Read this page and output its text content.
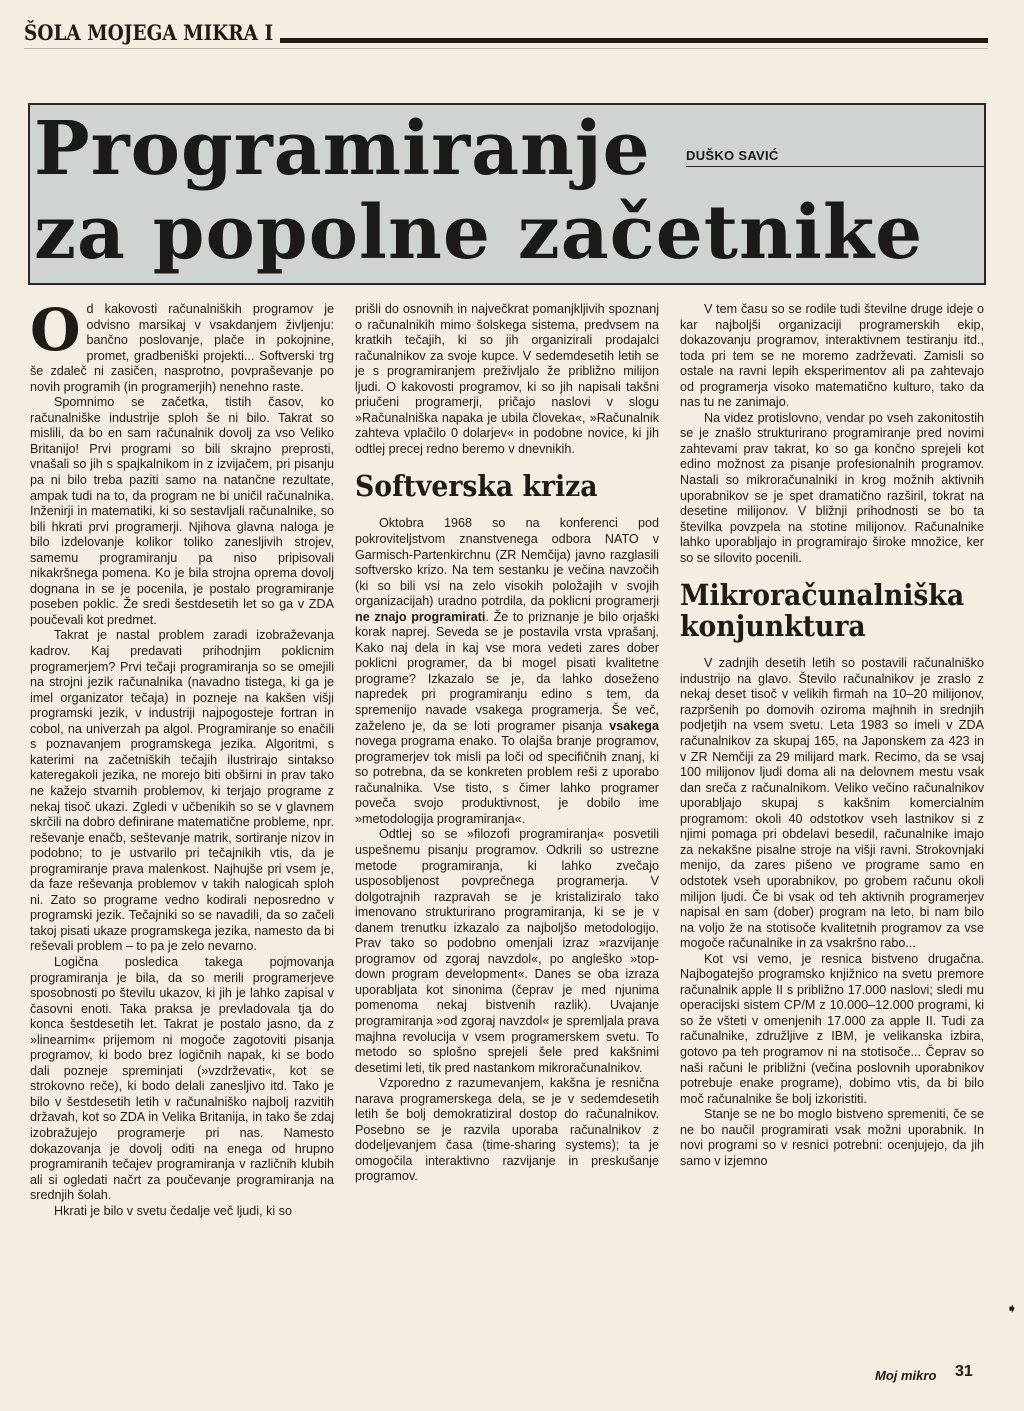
ŠOLA MOJEGA MIKRA I
Programiranje
za popolne začetnike
DUŠKO SAVIĆ

Od kakovosti računalniških programov je odvisno marsikaj v vsakdanjem življenju: bančno poslovanje, plače in pokojnine, promet, gradbeniški projekti... Softverski trg še zdaleč ni zasičen, nasprotno, povpraševanje po novih programih (in programerjih) nenehno raste.

Spomnimo se začetka, tistih časov, ko računalniške industrije sploh še ni bilo. Takrat so mislili, da bo en sam računalnik dovolj za vso Veliko Britanijo! Prvi programi so bili skrajno preprosti, vnašali so jih s spajkalnikom in z izvijačem, pri pisanju pa ni bilo treba paziti samo na natančne rezultate, ampak tudi na to, da program ne bi uničil računalnika. Inženirji in matematiki, ki so sestavljali računalnike, so bili hkrati prvi programerji. Njihova glavna naloga je bilo izdelovanje kolikor toliko zanesljivih strojev, samemu programiranju pa niso pripisovali nikakršnega pomena. Ko je bila strojna oprema dovolj dognana in se je pocenila, je postalo programiranje poseben poklic. Že sredi šestdesetih let so ga v ZDA poučevali kot predmet.

Takrat je nastal problem zaradi izobraževanja kadrov. Kaj predavati prihodnjim poklicnim programerjem? Prvi tečaji programiranja so se omejili na strojni jezik računalnika (navadno tistega, ki ga je imel organizator tečaja) in pozneje na kakšen višji programski jezik, v industriji najpogosteje fortran in cobol, na univerzah pa algol. Programiranje so enačili s poznavanjem programskega jezika. Algoritmi, s katerimi na začetniških tečajih ilustrirajo sintakso kateregakoli jezika, ne morejo biti obširni in prav tako ne kažejo stvarnih problemov, ki terjajo programe z nekaj tisoč ukazi. Zgledi v učbenikih so se v glavnem skrčili na dobro definirane matematične probleme, npr. reševanje enačb, seštevanje matrik, sortiranje nizov in podobno; to je ustvarilo pri tečajnikih vtis, da je programiranje prava malenkost. Najhujše pri vsem je, da faze reševanja problemov v takih nalogicah sploh ni. Zato so programe vedno kodirali neposredno v programski jezik. Tečajniki so se navadili, da so začeli takoj pisati ukaze programskega jezika, namesto da bi reševali problem – to pa je zelo nevarno.

Logična posledica takega pojmovanja programiranja je bila, da so merili programerjeve sposobnosti po številu ukazov, ki jih je lahko zapisal v časovni enoti. Taka praksa je prevladovala tja do konca šestdesetih let. Takrat je postalo jasno, da z »linearnim« prijemom ni mogoče zagotoviti pisanja programov, ki bodo brez logičnih napak, ki se bodo dali pozneje spreminjati (»vzdrževati«, kot se strokovno reče), ki bodo delali zanesljivo itd. Tako je bilo v šestdesetih letih v računalniško najbolj razvitih državah, kot so ZDA in Velika Britanija, in tako še zdaj izobražujejo programerje pri nas. Namesto dokazovanja je dovolj oditi na enega od hrupno programiranih tečajev programiranja v različnih klubih ali si ogledati načrt za poučevanje programiranja na srednjih šolah.

Hkrati je bilo v svetu čedalje več ljudi, ki so

prišli do osnovnih in največkrat pomanjkljivih spoznanj o računalnikih mimo šolskega sistema, predvsem na kratkih tečajih, ki so jih organizirali prodajalci računalnikov za svoje kupce. V sedemdesetih letih se je s programiranjem preživljalo že približno milijon ljudi. O kakovosti programov, ki so jih napisali takšni priučeni programerji, pričajo naslovi v slogu »Računalniška napaka je ubila človeka«, »Računalnik zahteva vplačilo 0 dolarjev« in podobne novice, ki jih odtlej precej redno beremo v dnevnikih.

Softverska kriza

Oktobra 1968 so na konferenci pod pokroviteljstvom znanstvenega odbora NATO v Garmisch-Partenkirchnu (ZR Nemčija) javno razglasili softversko krizo. Na tem sestanku je večina navzočih (ki so bili vsi na zelo visokih položajih v svojih organizacijah) uradno potrdila, da poklicni programerji ne znajo programirati. Že to priznanje je bilo orjaški korak naprej. Seveda se je postavila vrsta vprašanj. Kako naj dela in kaj vse mora vedeti zares dober poklicni programer, da bi mogel pisati kvalitetne programe? Izkazalo se je, da lahko doseženo napredek pri programiranju edino s tem, da spremenijo navade vsakega programerja. Še več, zaželeno je, da se loti programer pisanja vsakega novega programa enako. To olajša branje programov, programerjev tok misli pa loči od specifičnih znanj, ki so potrebna, da se konkreten problem reši z uporabo računalnika. Vse tisto, s čimer lahko programer poveča svojo produktivnost, je dobilo ime »metodologija programiranja«.

Odtlej so se »filozofi programiranja« posvetili uspešnemu pisanju programov. Odkrili so ustrezne metode programiranja, ki lahko zvečajo usposobljenost povprečnega programerja. V dolgotrajnih razpravah se je kristaliziralo tako imenovano strukturirano programiranja, ki se je v danem trenutku izkazalo za najboljšo metodologijo. Prav tako so podobno omenjali izraz »razvijanje programov od zgoraj navzdol«, po angleško »top-down program development«. Danes se oba izraza uporabljata kot sinonima (čeprav je med njunima pomenoma nekaj bistvenih razlik). Uvajanje programiranja »od zgoraj navzdol« je spremljala prava majhna revolucija v vsem programerskem svetu. To metodo so splošno sprejeli šele pred kakšnimi desetimi leti, tik pred nastankom mikroračunalnikov.

Vzporedno z razumevanjem, kakšna je resnična narava programerskega dela, se je v sedemdesetih letih še bolj demokratiziral dostop do računalnikov. Posebno se je razvila uporaba računalnikov z dodeljevanjem časa (time-sharing systems); ta je omogočila interaktivno razvijanje in preskušanje programov.

V tem času so se rodile tudi številne druge ideje o kar najboljši organizaciji programerskih ekip, dokazovanju programov, interaktivnem testiranju itd., toda pri tem se ne moremo zadrževati. Zamisli so ostale na ravni lepih eksperimentov ali pa zahtevajo od programerja visoko matematično kulturo, tako da nas tu ne zanimajo.

Na videz protislovno, vendar po vseh zakonitostih se je znašlo strukturirano programiranje pred novimi zahtevami prav takrat, ko so ga končno sprejeli kot edino možnost za pisanje profesionalnih programov. Nastali so mikroračunalniki in krog možnih aktivnih uporabnikov se je spet dramatično razširil, tokrat na desetine milijonov. V bližnji prihodnosti se bo ta številka povzpela na stotine milijonov. Računalnike lahko uporabljajo in programirajo široke množice, ker so se silovito pocenili.

Mikroračunalniška konjunktura

V zadnjih desetih letih so postavili računalniško industrijo na glavo. Število računalnikov je zraslo z nekaj deset tisoč v velikih firmah na 10–20 milijonov, razpršenih po domovih oziroma majhnih in srednjih podjetjih na vsem svetu. Leta 1983 so imeli v ZDA računalnikov za skupaj 165, na Japonskem za 423 in v ZR Nemčiji za 29 milijard mark. Recimo, da se vsaj 100 milijonov ljudi doma ali na delovnem mestu vsak dan sreča z računalnikom. Veliko večino računalnikov uporabljajo skupaj s kakšnim komercialnim programom: okoli 40 odstotkov vseh lastnikov si z njimi pomaga pri obdelavi besedil, računalnike imajo za nekakšne pisalne stroje na višji ravni. Strokovnjaki menijo, da zares pišeno ve programe samo en odstotek vseh uporabnikov, po grobem računu okoli milijon ljudi. Če bi vsak od teh aktivnih programerjev napisal en sam (dober) program na leto, bi nam bilo na voljo že na stotisoče kvalitetnih programov za vse mogoče računalnike in za vsakršno rabo...

Kot vsi vemo, je resnica bistveno drugačna. Najbogatejšo programsko knjižnico na svetu premore računalnik apple II s približno 17.000 naslovi; sledi mu operacijski sistem CP/M z 10.000–12.000 programi, ki so že všteti v omenjenih 17.000 za apple II. Tudi za računalnike, združljive z IBM, je velikanska izbira, gotovo pa teh programov ni na stotisoče... Čeprav so naši računi le približni (večina poslovnih uporabnikov potrebuje enake programe), dobimo vtis, da bi bilo moč računalnike še bolj izkoristiti.

Stanje se ne bo moglo bistveno spremeniti, če se ne bo naučil programirati vsak možni uporabnik. In novi programi so v resnici potrebni: ocenjujejo, da jih samo v izjemno

➧
Moj mikro 31
